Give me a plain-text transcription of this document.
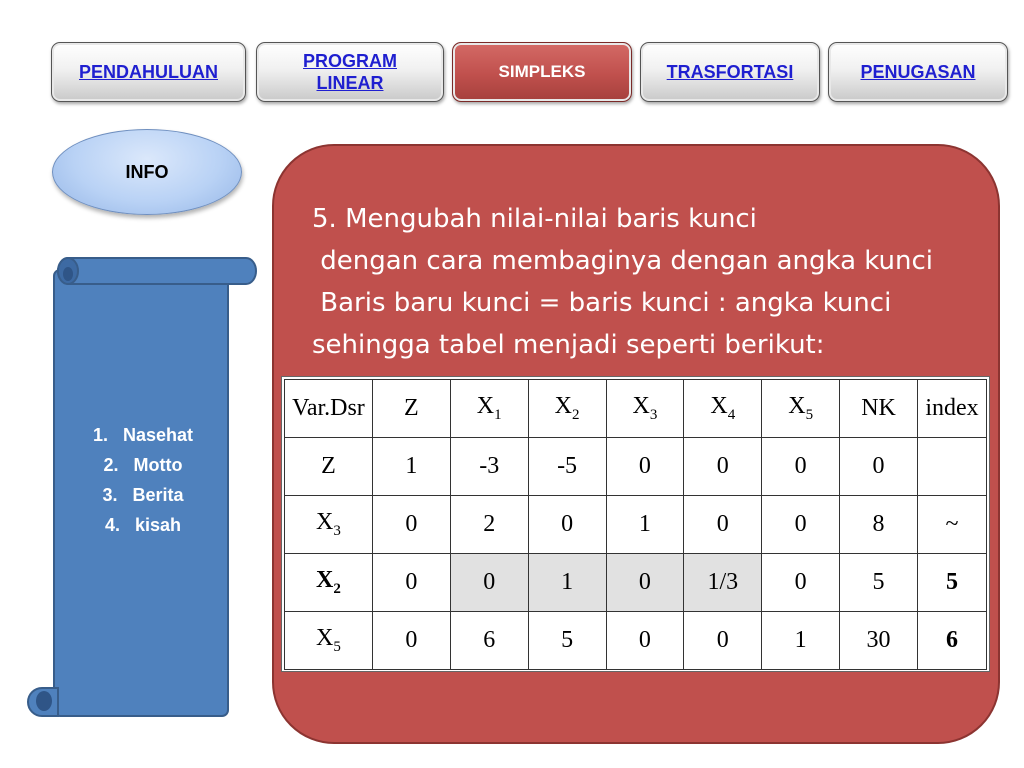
PENDAHULUAN
PROGRAM LINEAR
SIMPLEKS	TRASFORTASI	PENUGASAN
INFO
1. Nasehat
2. Motto
3. Berita
4. kisah
5. Mengubah nilai-nilai baris kunci
dengan cara membaginya dengan angka kunci
Baris baru kunci = baris kunci : angka kunci
sehingga tabel menjadi seperti berikut:
Var.Dsr	Z	$X_1$	$X_2$	$X_3$	$X_4$	$X_5$	NK	index
Z	1	-3	-5	0	0	0	0	
$X_3$	0	2	0	1	0	0	8	~
$X_2$	0	0	1	0	1/3	0	5	5
$X_5$	0	6	5	0	0	1	30	6
